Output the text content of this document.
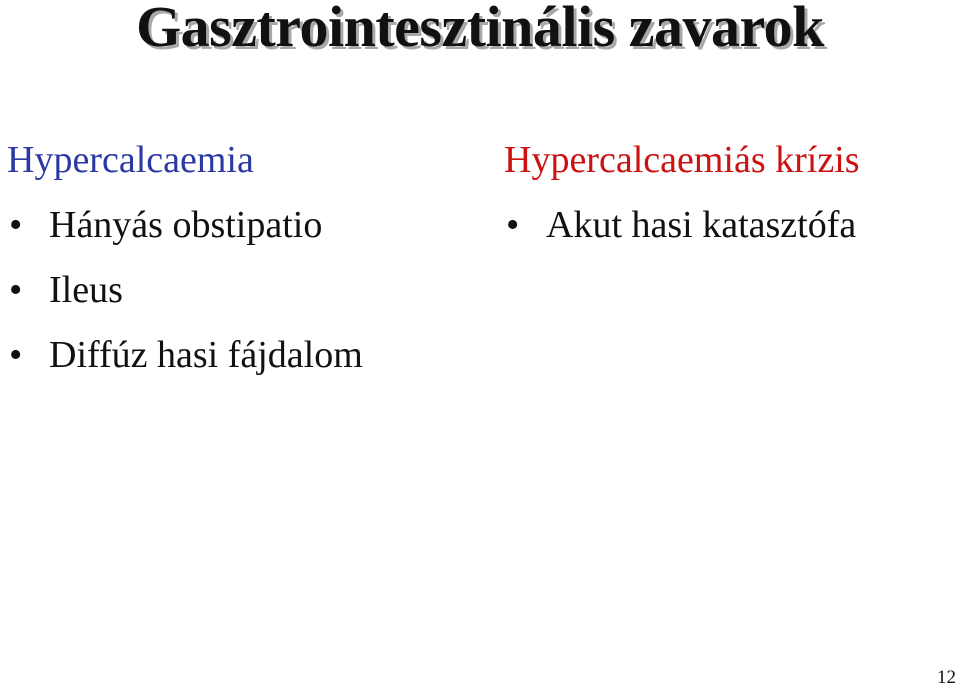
Gasztrointesztinális zavarok
Hypercalcaemia
• Hányás obstipatio
• Ileus
• Diffúz hasi fájdalom
Hypercalcaemiás krízis
• Akut hasi katasztófa
12
